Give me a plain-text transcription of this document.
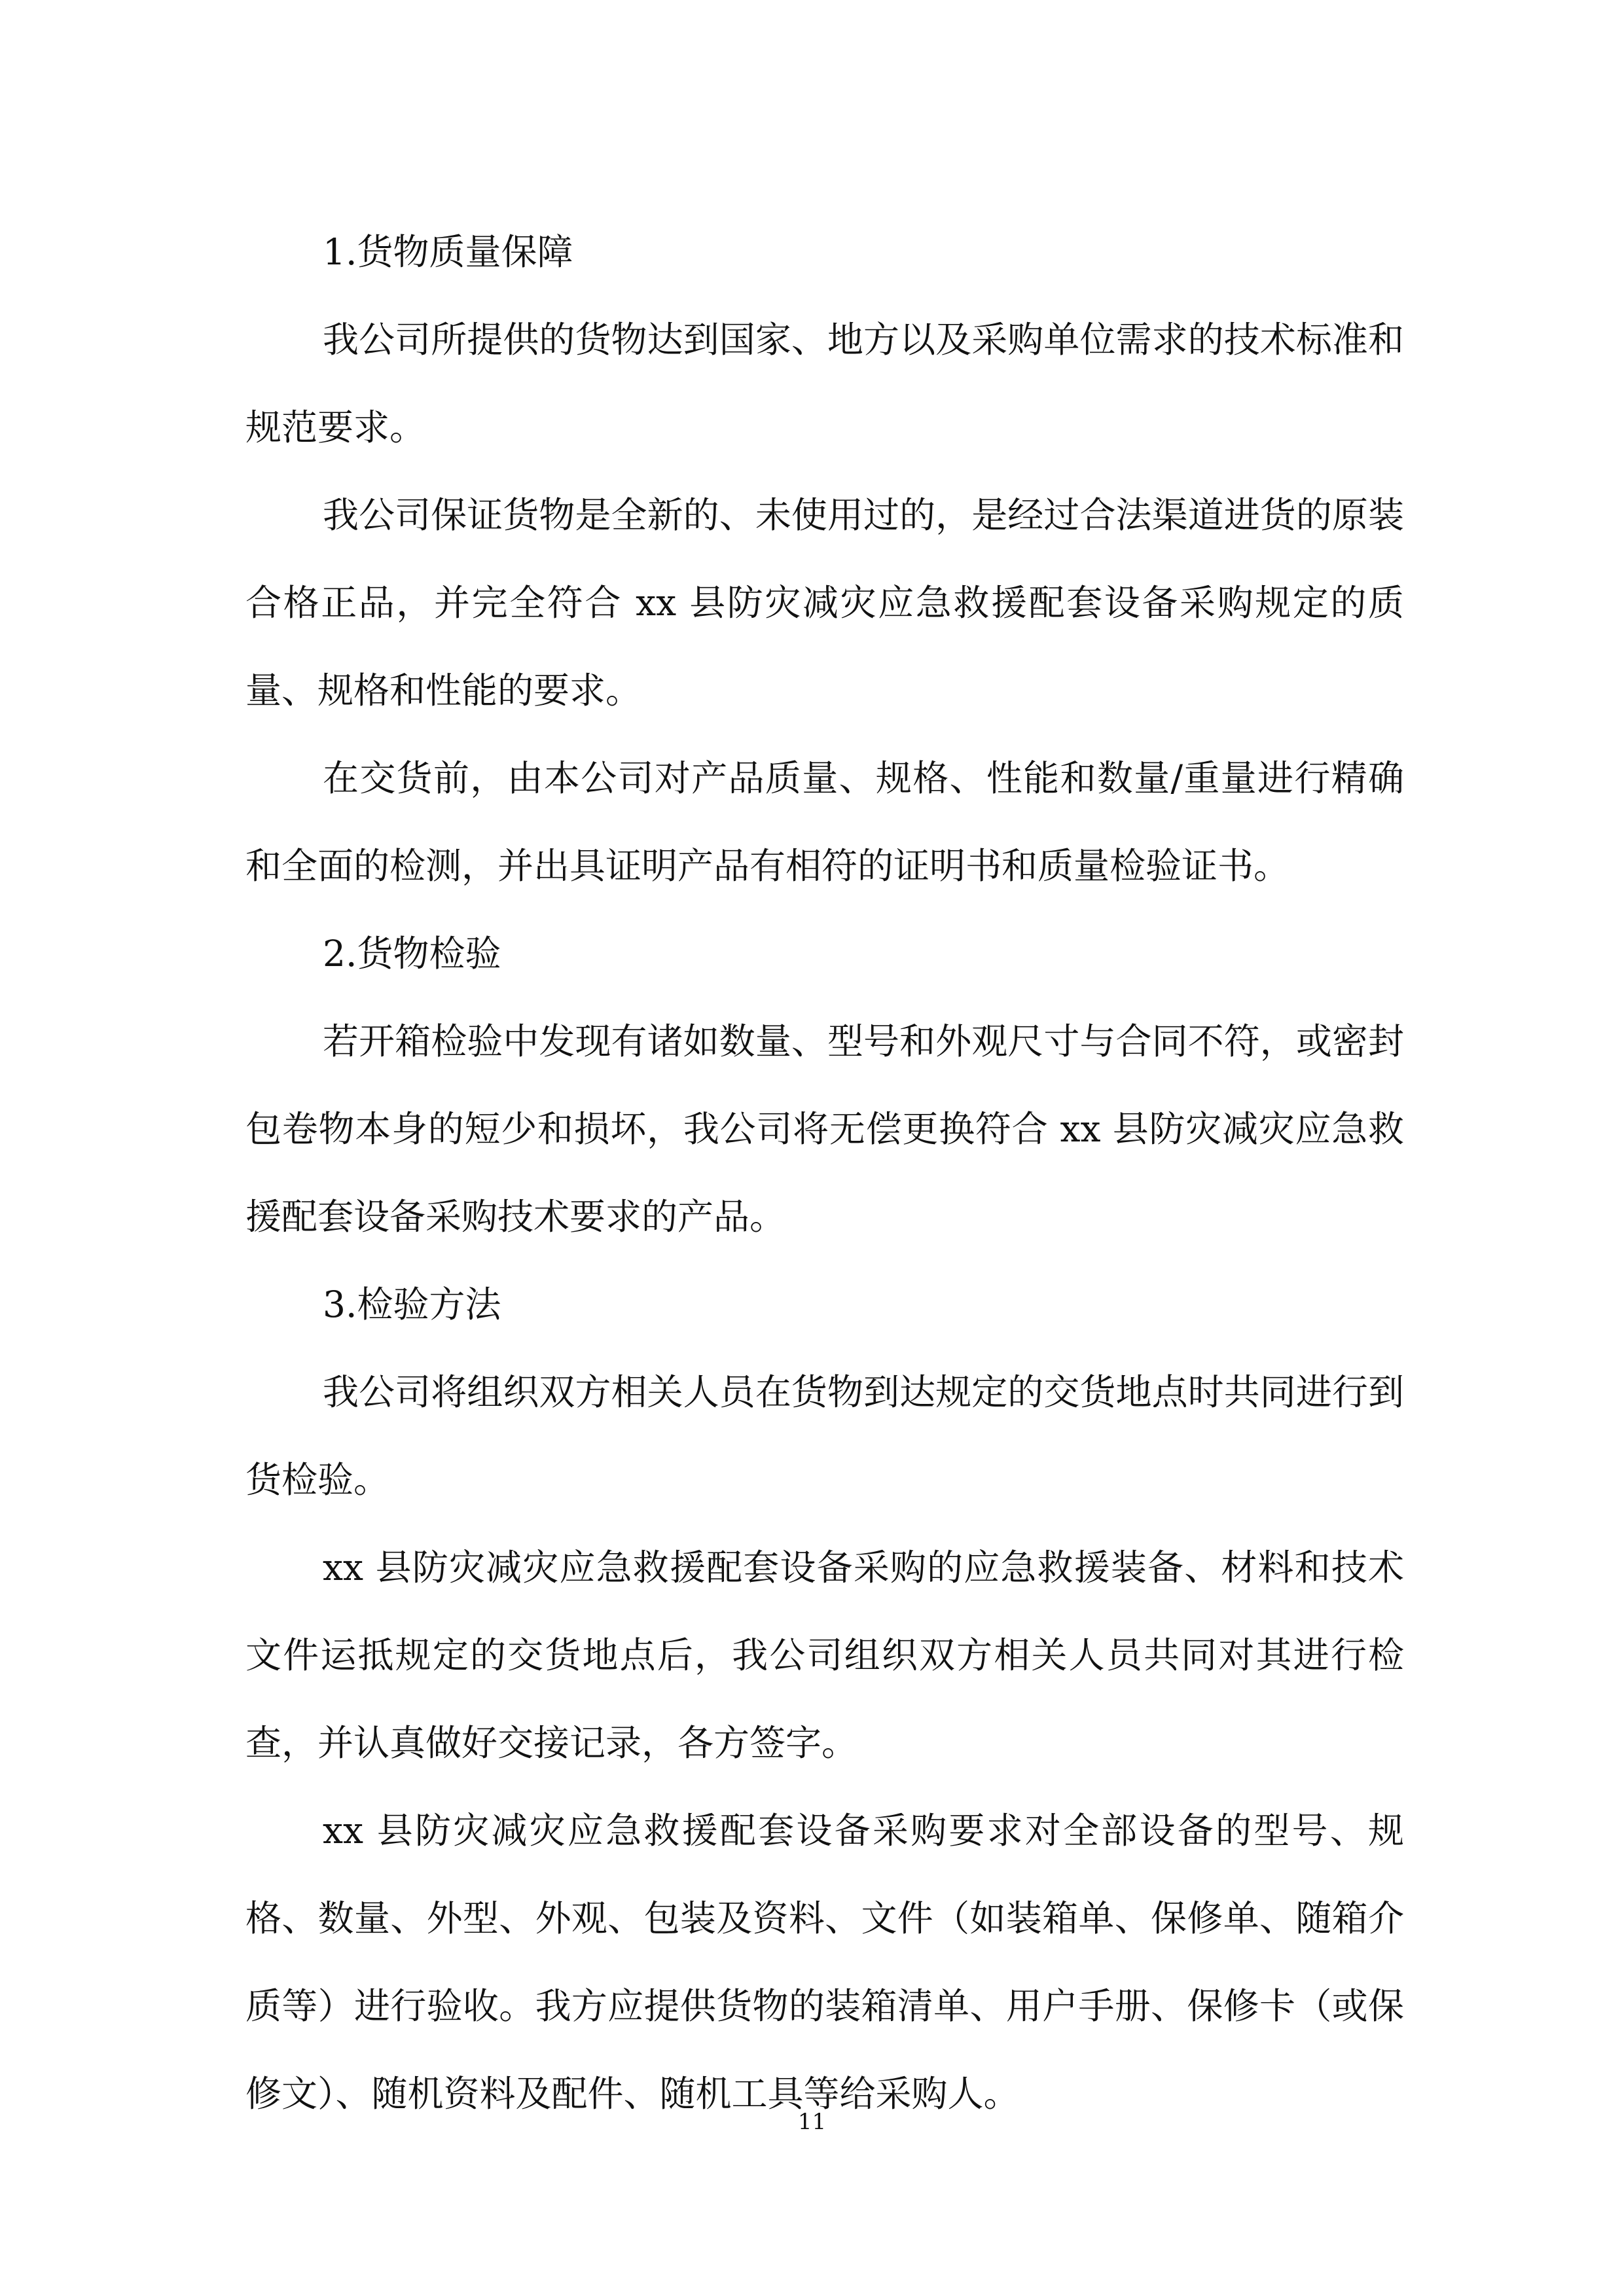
1.货物质量保障

我公司所提供的货物达到国家、地方以及采购单位需求的技术标准和规范要求。

我公司保证货物是全新的、未使用过的，是经过合法渠道进货的原装合格正品，并完全符合 xx 县防灾减灾应急救援配套设备采购规定的质量、规格和性能的要求。

在交货前，由本公司对产品质量、规格、性能和数量/重量进行精确和全面的检测，并出具证明产品有相符的证明书和质量检验证书。

2.货物检验

若开箱检验中发现有诸如数量、型号和外观尺寸与合同不符，或密封包卷物本身的短少和损坏，我公司将无偿更换符合 xx 县防灾减灾应急救援配套设备采购技术要求的产品。

3.检验方法

我公司将组织双方相关人员在货物到达规定的交货地点时共同进行到货检验。

xx 县防灾减灾应急救援配套设备采购的应急救援装备、材料和技术文件运抵规定的交货地点后，我公司组织双方相关人员共同对其进行检查，并认真做好交接记录，各方签字。

xx 县防灾减灾应急救援配套设备采购要求对全部设备的型号、规格、数量、外型、外观、包装及资料、文件（如装箱单、保修单、随箱介质等）进行验收。我方应提供货物的装箱清单、用户手册、保修卡（或保修文）、随机资料及配件、随机工具等给采购人。

11
